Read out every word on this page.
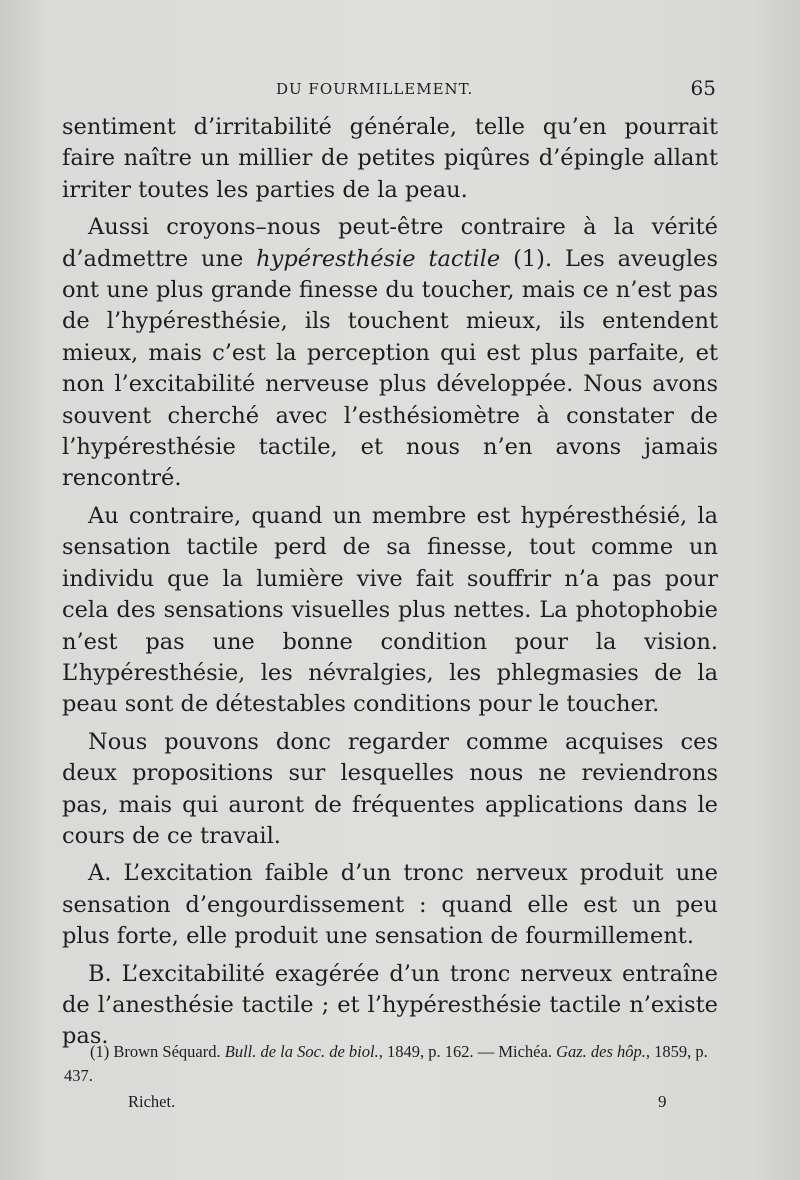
DU FOURMILLEMENT.	65

sentiment d’irritabilité générale, telle qu’en pourrait faire naître un millier de petites piqûres d’épingle allant irriter toutes les parties de la peau.

Aussi croyons–nous peut-être contraire à la vérité d’admettre une hypéresthésie tactile (1). Les aveugles ont une plus grande finesse du toucher, mais ce n’est pas de l’hypéresthésie, ils touchent mieux, ils entendent mieux, mais c’est la perception qui est plus parfaite, et non l’excitabilité nerveuse plus développée. Nous avons souvent cherché avec l’esthésiomètre à constater de l’hypéresthésie tactile, et nous n’en avons jamais rencontré.

Au contraire, quand un membre est hypéresthésié, la sensation tactile perd de sa finesse, tout comme un individu que la lumière vive fait souffrir n’a pas pour cela des sensations visuelles plus nettes. La photophobie n’est pas une bonne condition pour la vision. L’hypéresthésie, les névralgies, les phlegmasies de la peau sont de détestables conditions pour le toucher.

Nous pouvons donc regarder comme acquises ces deux propositions sur lesquelles nous ne reviendrons pas, mais qui auront de fréquentes applications dans le cours de ce travail.

A. L’excitation faible d’un tronc nerveux produit une sensation d’engourdissement : quand elle est un peu plus forte, elle produit une sensation de fourmillement.

B. L’excitabilité exagérée d’un tronc nerveux entraîne de l’anesthésie tactile ; et l’hypéresthésie tactile n’existe pas.

(1) Brown Séquard. Bull. de la Soc. de biol., 1849, p. 162. — Michéa. Gaz. des hôp., 1859, p. 437.

Richet.	9
